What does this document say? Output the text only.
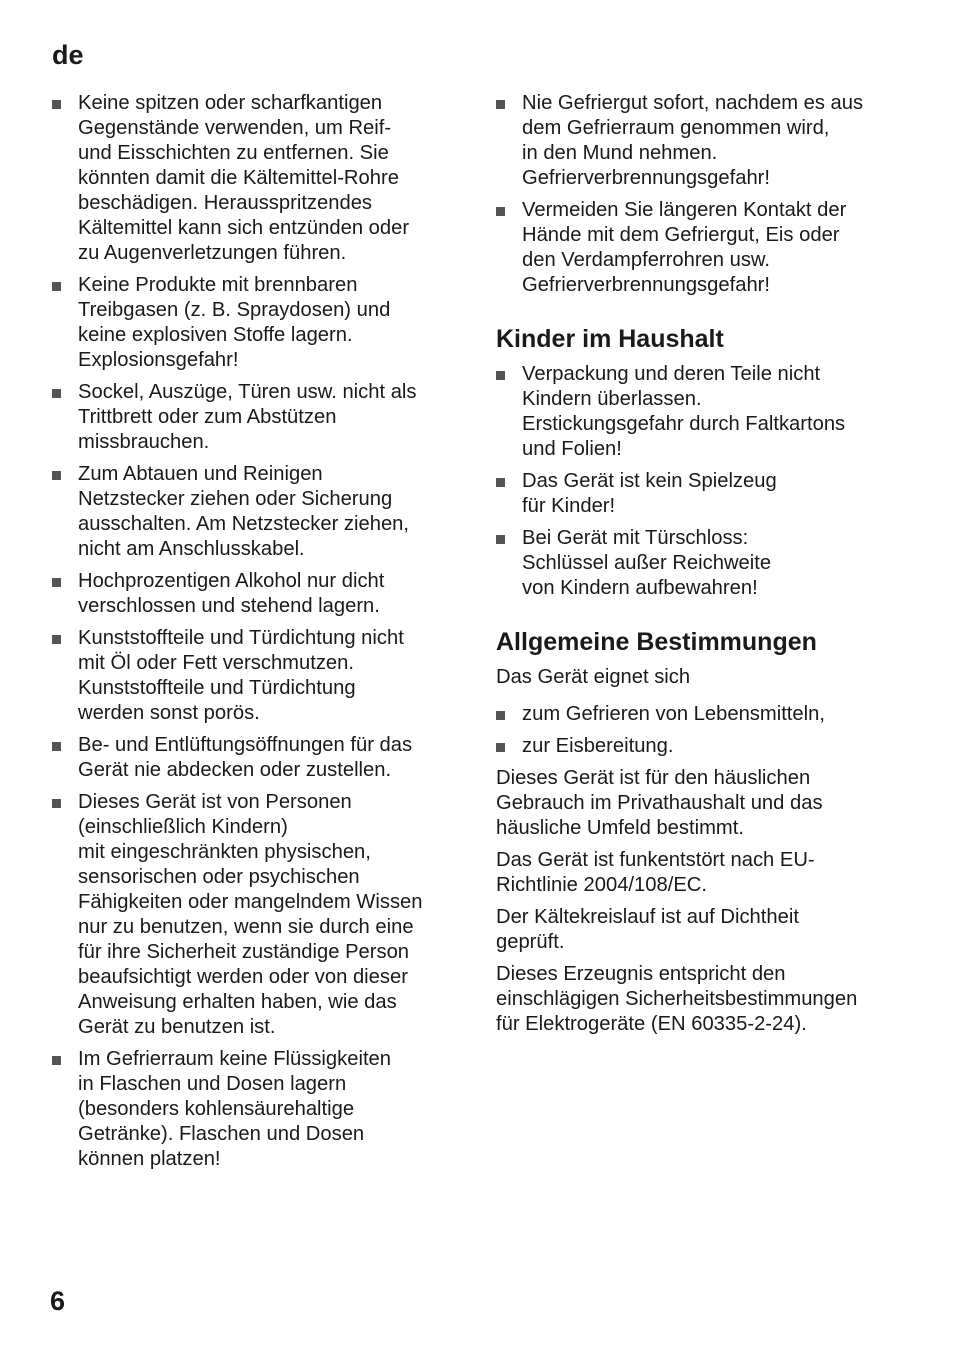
de
Keine spitzen oder scharfkantigen
Gegenstände verwenden, um Reif-
und Eisschichten zu entfernen. Sie
könnten damit die Kältemittel-Rohre
beschädigen. Herausspritzendes
Kältemittel kann sich entzünden oder
zu Augenverletzungen führen.
Keine Produkte mit brennbaren
Treibgasen (z. B. Spraydosen) und
keine explosiven Stoffe lagern.
Explosionsgefahr!
Sockel, Auszüge, Türen usw. nicht als
Trittbrett oder zum Abstützen
missbrauchen.
Zum Abtauen und Reinigen
Netzstecker ziehen oder Sicherung
ausschalten. Am Netzstecker ziehen,
nicht am Anschlusskabel.
Hochprozentigen Alkohol nur dicht
verschlossen und stehend lagern.
Kunststoffteile und Türdichtung nicht
mit Öl oder Fett verschmutzen.
Kunststoffteile und Türdichtung
werden sonst porös.
Be- und Entlüftungsöffnungen für das
Gerät nie abdecken oder zustellen.
Dieses Gerät ist von Personen
(einschließlich Kindern)
mit eingeschränkten physischen,
sensorischen oder psychischen
Fähigkeiten oder mangelndem Wissen
nur zu benutzen, wenn sie durch eine
für ihre Sicherheit zuständige Person
beaufsichtigt werden oder von dieser
Anweisung erhalten haben, wie das
Gerät zu benutzen ist.
Im Gefrierraum keine Flüssigkeiten
in Flaschen und Dosen lagern
(besonders kohlensäurehaltige
Getränke). Flaschen und Dosen
können platzen!
Nie Gefriergut sofort, nachdem es aus
dem Gefrierraum genommen wird,
in den Mund nehmen.
Gefrierverbrennungsgefahr!
Vermeiden Sie längeren Kontakt der
Hände mit dem Gefriergut, Eis oder
den Verdampferrohren usw.
Gefrierverbrennungsgefahr!
Kinder im Haushalt
Verpackung und deren Teile nicht
Kindern überlassen.
Erstickungsgefahr durch Faltkartons
und Folien!
Das Gerät ist kein Spielzeug
für Kinder!
Bei Gerät mit Türschloss:
Schlüssel außer Reichweite
von Kindern aufbewahren!
Allgemeine Bestimmungen

Das Gerät eignet sich

zum Gefrieren von Lebensmitteln,
zur Eisbereitung.

Dieses Gerät ist für den häuslichen
Gebrauch im Privathaushalt und das
häusliche Umfeld bestimmt.

Das Gerät ist funkentstört nach EU-
Richtlinie 2004/108/EC.

Der Kältekreislauf ist auf Dichtheit
geprüft.

Dieses Erzeugnis entspricht den
einschlägigen Sicherheitsbestimmungen
für Elektrogeräte (EN 60335-2-24).

6
